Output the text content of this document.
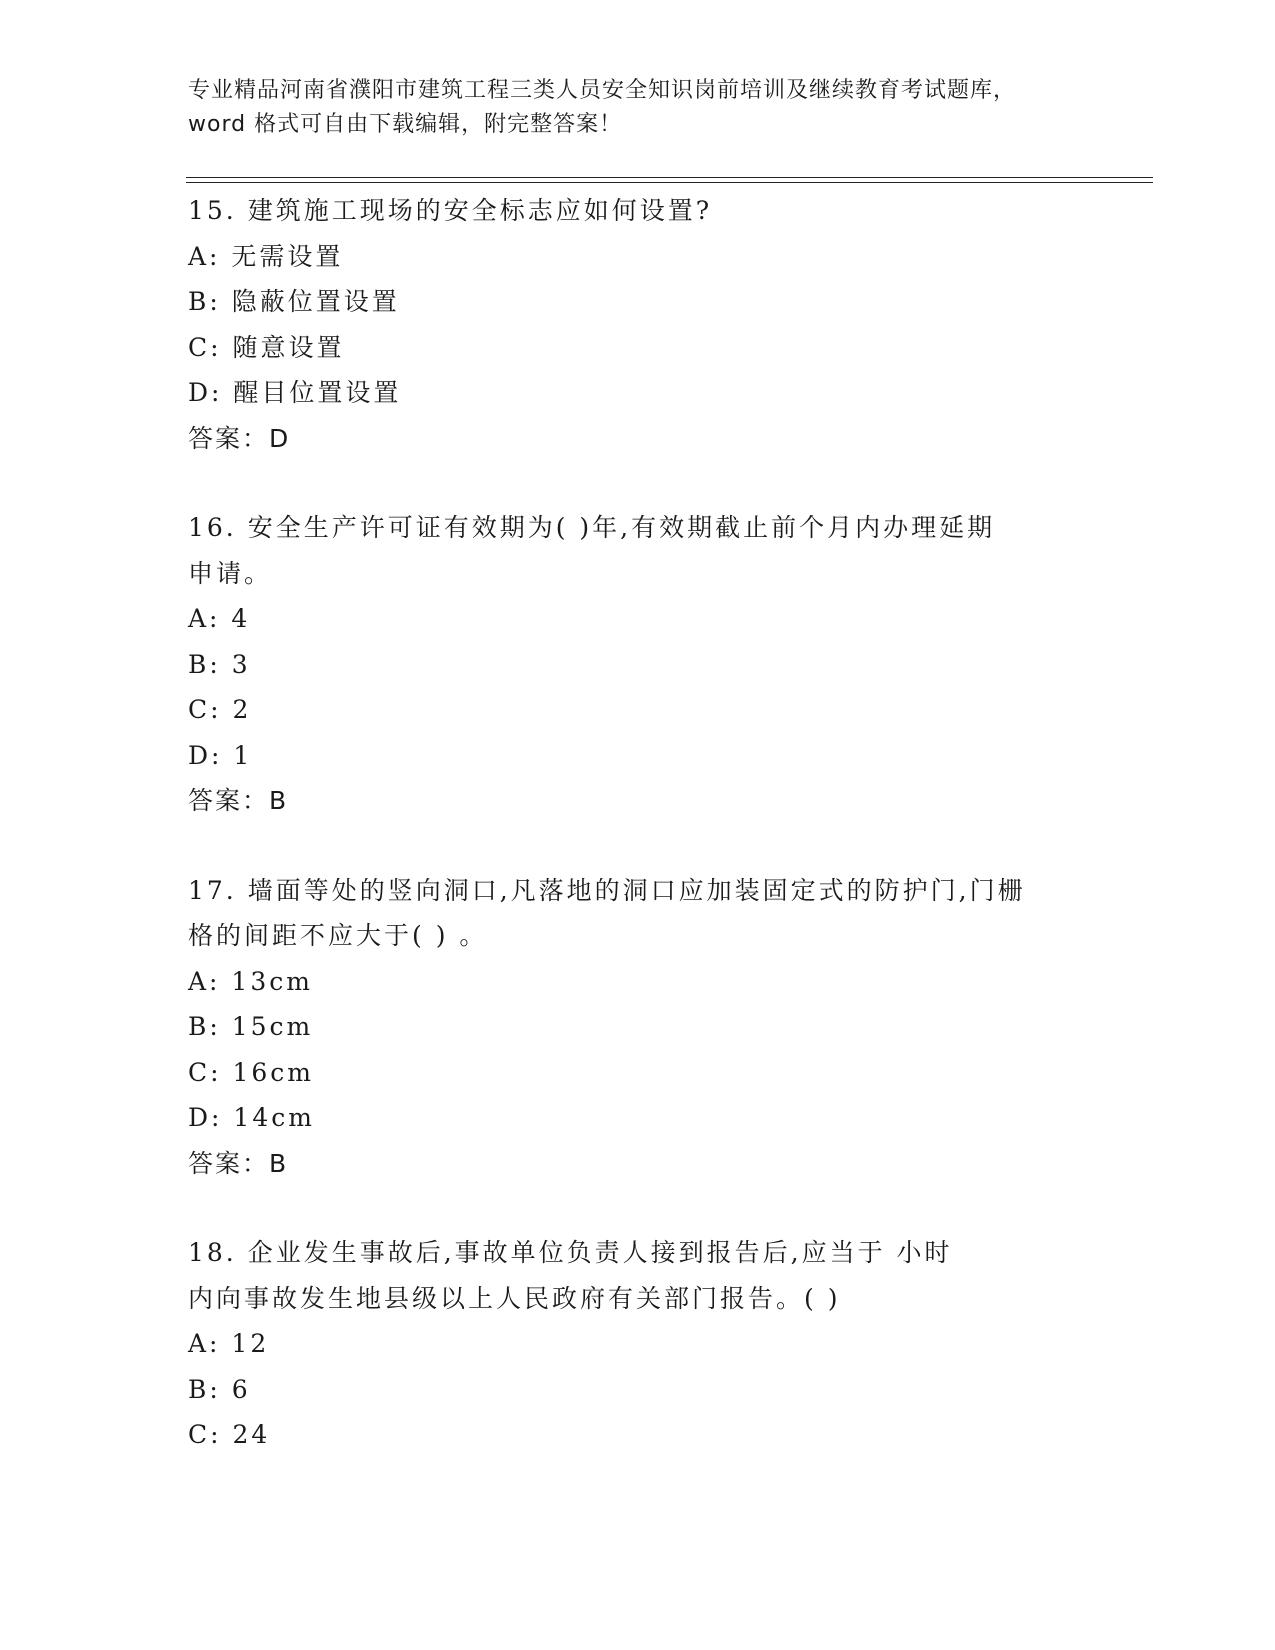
专业精品河南省濮阳市建筑工程三类人员安全知识岗前培训及继续教育考试题库，
word 格式可自由下载编辑，附完整答案！
15. 建筑施工现场的安全标志应如何设置?
A: 无需设置
B: 隐蔽位置设置
C: 随意设置
D: 醒目位置设置
答案：D
16. 安全生产许可证有效期为( )年,有效期截止前个月内办理延期
申请。
A: 4
B: 3
C: 2
D: 1
答案：B
17. 墙面等处的竖向洞口,凡落地的洞口应加装固定式的防护门,门栅
格的间距不应大于( ) 。
A: 13cm
B: 15cm
C: 16cm
D: 14cm
答案：B
18. 企业发生事故后,事故单位负责人接到报告后,应当于 小时
内向事故发生地县级以上人民政府有关部门报告。( )
A: 12
B: 6
C: 24
